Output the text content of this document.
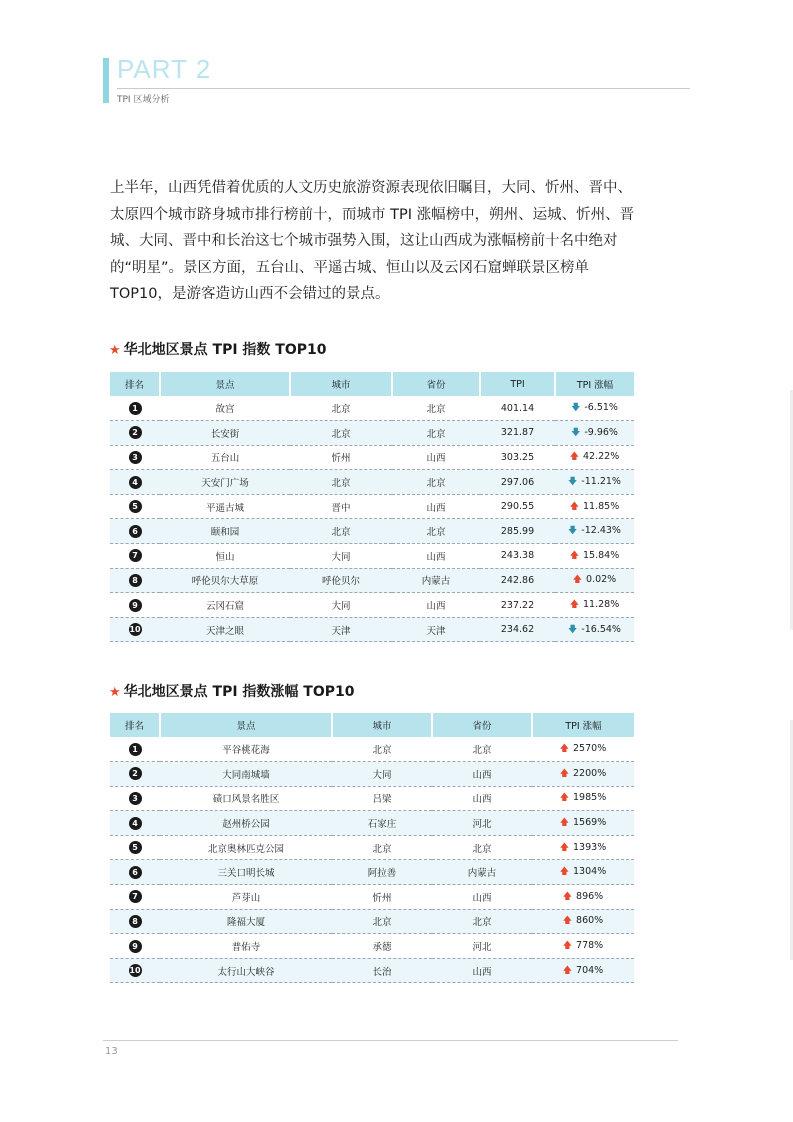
PART 2
TPI 区域分析
上半年，山西凭借着优质的人文历史旅游资源表现依旧瞩目，大同、忻州、晋中、太原四个城市跻身城市排行榜前十，而城市 TPI 涨幅榜中，朔州、运城、忻州、晋城、大同、晋中和长治这七个城市强势入围，这让山西成为涨幅榜前十名中绝对的“明星”。景区方面，五台山、平遥古城、恒山以及云冈石窟蝉联景区榜单 TOP10，是游客造访山西不会错过的景点。
★ 华北地区景点 TPI 指数 TOP10
排名	景点	城市	省份	TPI	TPI 涨幅
1	故宫	北京	北京	401.14	🡇 -6.51%
2	长安街	北京	北京	321.87	🡇 -9.96%
3	五台山	忻州	山西	303.25	🡅 42.22%
4	天安门广场	北京	北京	297.06	🡇 -11.21%
5	平遥古城	晋中	山西	290.55	🡅 11.85%
6	颐和园	北京	北京	285.99	🡇 -12.43%
7	恒山	大同	山西	243.38	🡅 15.84%
8	呼伦贝尔大草原	呼伦贝尔	内蒙古	242.86	🡅 0.02%
9	云冈石窟	大同	山西	237.22	🡅 11.28%
10	天津之眼	天津	天津	234.62	🡇 -16.54%
★ 华北地区景点 TPI 指数涨幅 TOP10
排名	景点	城市	省份	TPI 涨幅
1	平谷桃花海	北京	北京	🡅 2570%
2	大同南城墙	大同	山西	🡅 2200%
3	碛口风景名胜区	吕梁	山西	🡅 1985%
4	赵州桥公园	石家庄	河北	🡅 1569%
5	北京奥林匹克公园	北京	北京	🡅 1393%
6	三关口明长城	阿拉善	内蒙古	🡅 1304%
7	芦芽山	忻州	山西	🡅 896%
8	隆福大厦	北京	北京	🡅 860%
9	普佑寺	承德	河北	🡅 778%
10	太行山大峡谷	长治	山西	🡅 704%
13
